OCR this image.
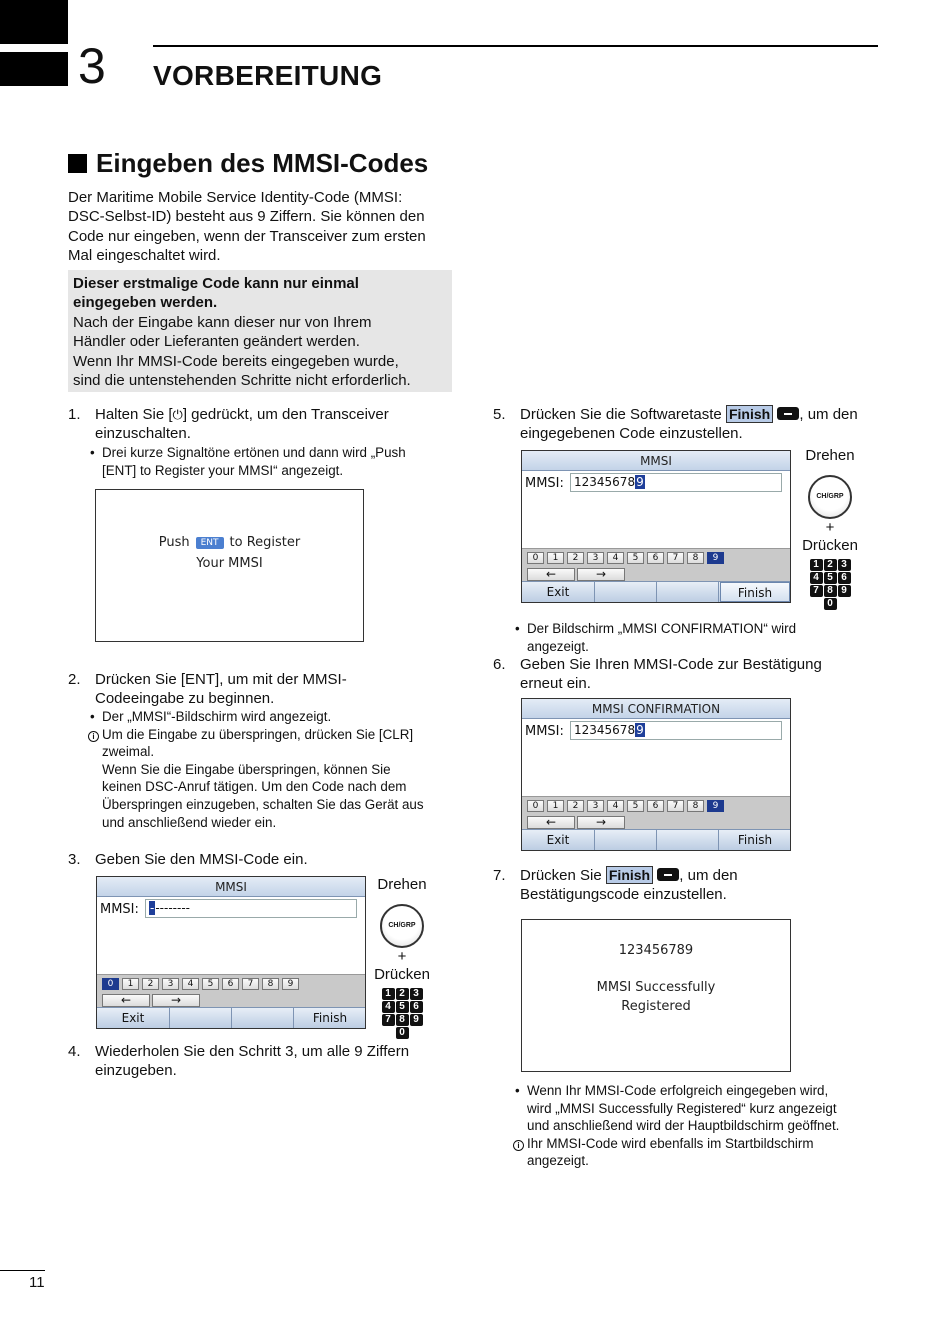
3 VORBEREITUNG
Eingeben des MMSI-Codes
Der Maritime Mobile Service Identity-Code (MMSI:
DSC-Selbst-ID) besteht aus 9 Ziffern. Sie können den
Code nur eingeben, wenn der Transceiver zum ersten
Mal eingeschaltet wird.
Dieser erstmalige Code kann nur einmal
eingegeben werden.
Nach der Eingabe kann dieser nur von Ihrem
Händler oder Lieferanten geändert werden.
Wenn Ihr MMSI-Code bereits eingegeben wurde,
sind die untenstehenden Schritte nicht erforderlich.
1. Halten Sie [⏻] gedrückt, um den Transceiver
einzuschalten.
• Drei kurze Signaltöne ertönen und dann wird „Push
[ENT] to Register your MMSI“ angezeigt.
Push ENT to Register
Your MMSI
2. Drücken Sie [ENT], um mit der MMSI-
Codeeingabe zu beginnen.
• Der „MMSI“-Bildschirm wird angezeigt.
i Um die Eingabe zu überspringen, drücken Sie [CLR]
zweimal.
Wenn Sie die Eingabe überspringen, können Sie
keinen DSC-Anruf tätigen. Um den Code nach dem
Überspringen einzugeben, schalten Sie das Gerät aus
und anschließend wieder ein.
3. Geben Sie den MMSI-Code ein.
MMSI
MMSI: ---------
0	1	2	3	4	5	6	7	8	9
←	→
Exit	Finish
Drehen
CH/GRP
+
Drücken
1 2 3
4 5 6
7 8 9
0
4. Wiederholen Sie den Schritt 3, um alle 9 Ziffern
einzugeben.
5. Drücken Sie die Softwaretaste Finish , um den
eingegebenen Code einzustellen.
MMSI
MMSI: 123456789
0	1	2	3	4	5	6	7	8	9
←	→
Exit	Finish
Drehen
CH/GRP
+
Drücken
1 2 3
4 5 6
7 8 9
0
• Der Bildschirm „MMSI CONFIRMATION“ wird
angezeigt.
6. Geben Sie Ihren MMSI-Code zur Bestätigung
erneut ein.
MMSI CONFIRMATION
MMSI: 123456789
0	1	2	3	4	5	6	7	8	9
←	→
Exit	Finish
7. Drücken Sie Finish , um den
Bestätigungscode einzustellen.
123456789
MMSI Successfully
Registered
• Wenn Ihr MMSI-Code erfolgreich eingegeben wird,
wird „MMSI Successfully Registered“ kurz angezeigt
und anschließend wird der Hauptbildschirm geöffnet.
i Ihr MMSI-Code wird ebenfalls im Startbildschirm
angezeigt.
11
